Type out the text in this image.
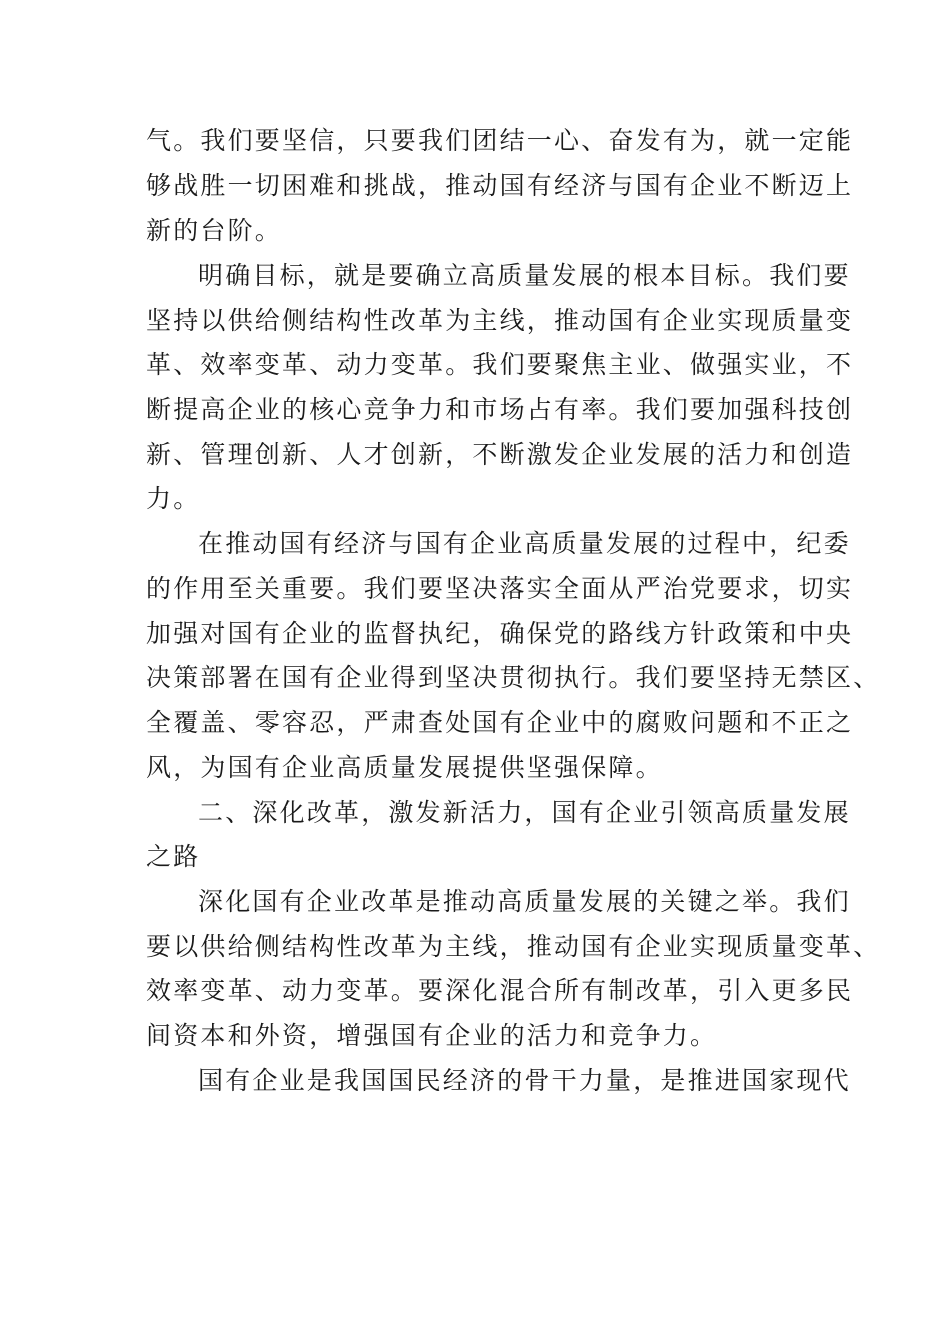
气。我们要坚信，只要我们团结一心、奋发有为，就一定能
够战胜一切困难和挑战，推动国有经济与国有企业不断迈上
新的台阶。
明确目标，就是要确立高质量发展的根本目标。我们要
坚持以供给侧结构性改革为主线，推动国有企业实现质量变
革、效率变革、动力变革。我们要聚焦主业、做强实业，不
断提高企业的核心竞争力和市场占有率。我们要加强科技创
新、管理创新、人才创新，不断激发企业发展的活力和创造
力。
在推动国有经济与国有企业高质量发展的过程中，纪委
的作用至关重要。我们要坚决落实全面从严治党要求，切实
加强对国有企业的监督执纪，确保党的路线方针政策和中央
决策部署在国有企业得到坚决贯彻执行。我们要坚持无禁区、
全覆盖、零容忍，严肃查处国有企业中的腐败问题和不正之
风，为国有企业高质量发展提供坚强保障。
二、深化改革，激发新活力，国有企业引领高质量发展
之路
深化国有企业改革是推动高质量发展的关键之举。我们
要以供给侧结构性改革为主线，推动国有企业实现质量变革、
效率变革、动力变革。要深化混合所有制改革，引入更多民
间资本和外资，增强国有企业的活力和竞争力。
国有企业是我国国民经济的骨干力量，是推进国家现代
